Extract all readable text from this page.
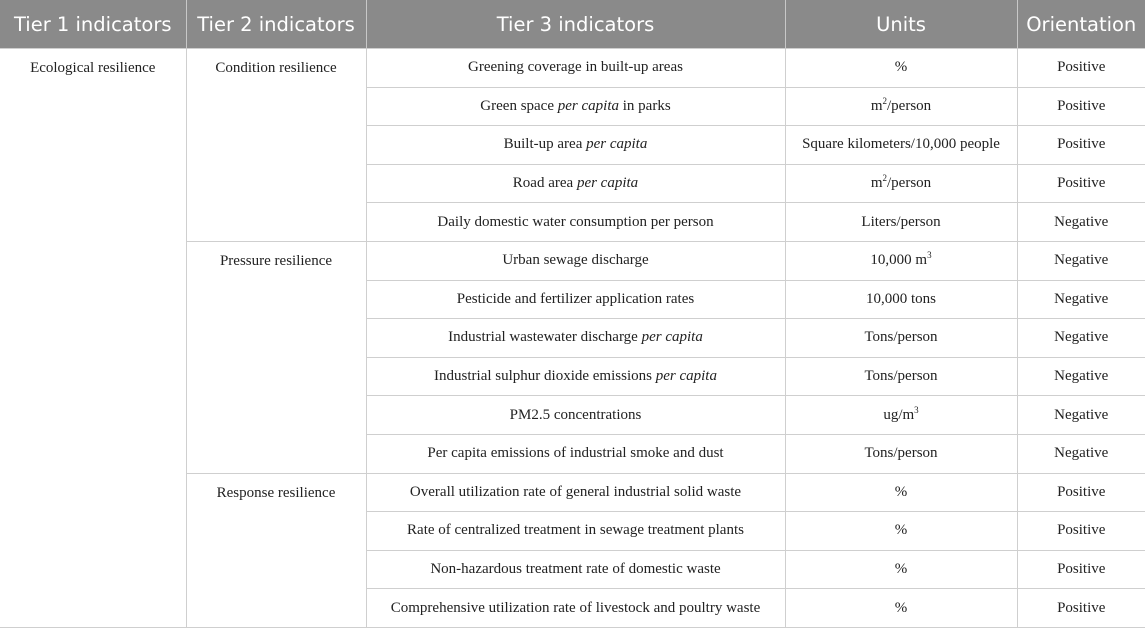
Tier 1 indicators	Tier 2 indicators	Tier 3 indicators	Units	Orientation
Ecological resilience	Condition resilience	Greening coverage in built-up areas	%	Positive
		Green space per capita in parks	$m^2$/person	Positive
		Built-up area per capita	Square kilometers/10,000 people	Positive
		Road area per capita	$m^2$/person	Positive
		Daily domestic water consumption per person	Liters/person	Negative
	Pressure resilience	Urban sewage discharge	10,000 $m^3$	Negative
		Pesticide and fertilizer application rates	10,000 tons	Negative
		Industrial wastewater discharge per capita	Tons/person	Negative
		Industrial sulphur dioxide emissions per capita	Tons/person	Negative
		PM2.5 concentrations	$ug/m^3$	Negative
		Per capita emissions of industrial smoke and dust	Tons/person	Negative
	Response resilience	Overall utilization rate of general industrial solid waste	%	Positive
		Rate of centralized treatment in sewage treatment plants	%	Positive
		Non-hazardous treatment rate of domestic waste	%	Positive
		Comprehensive utilization rate of livestock and poultry waste	%	Positive
